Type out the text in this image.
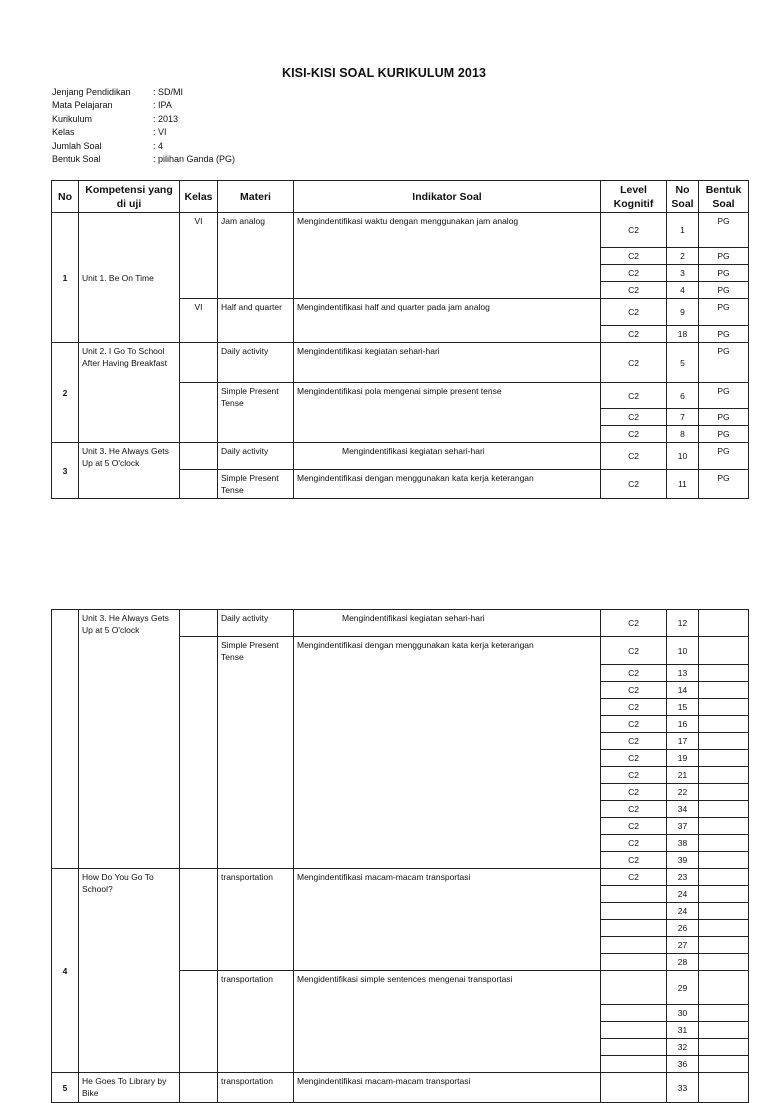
KISI-KISI SOAL KURIKULUM 2013
Jenjang Pendidikan	: SD/MI
Mata Pelajaran	: IPA
Kurikulum	: 2013
Kelas	: VI
Jumlah Soal	: 4
Bentuk Soal	: pilihan Ganda (PG)
No	Kompetensi yang di uji	Kelas	Materi	Indikator Soal	Level Kognitif	No Soal	Bentuk Soal
1	Unit 1. Be On Time	VI	Jam analog	Mengindentifikasi waktu dengan menggunakan jam analog	C2	1	PG
					C2	2	PG
					C2	3	PG
					C2	4	PG
		VI	Half and quarter	Mengindentifikasi half and quarter pada jam analog	C2	9	PG
					C2	18	PG
2	Unit 2. I Go To School After Having Breakfast		Daily activity	Mengindentifikasi kegiatan sehari-hari	C2	5	PG
			Simple Present Tense	Mengindentifikasi pola mengenai simple present tense	C2	6	PG
					C2	7	PG
					C2	8	PG
3	Unit 3. He Always Gets Up at 5 O'clock		Daily activity	Mengindentifikasi kegiatan sehari-hari	C2	10	PG
			Simple Present Tense	Mengindentifikasi dengan menggunakan kata kerja keterangan	C2	11	PG
	Unit 3. He Always Gets Up at 5 O'clock		Daily activity	Mengindentifikasi kegiatan sehari-hari	C2	12	
			Simple Present Tense	Mengindentifikasi dengan menggunakan kata kerja keterangan	C2	10	
					C2	13	
					C2	14	
					C2	15	
					C2	16	
					C2	17	
					C2	19	
					C2	21	
					C2	22	
					C2	34	
					C2	37	
					C2	38	
					C2	39	
4	How Do You Go To School?		transportation	Mengindentifikasi macam-macam transportasi	C2	23	
						24	
						24	
						26	
						27	
						28	
			transportation	Mengidentifikasi simple sentences mengenai transportasi		29	
						30	
						31	
						32	
						36	
5	He Goes To Library by Bike		transportation	Mengindentifikasi macam-macam transportasi		33	
